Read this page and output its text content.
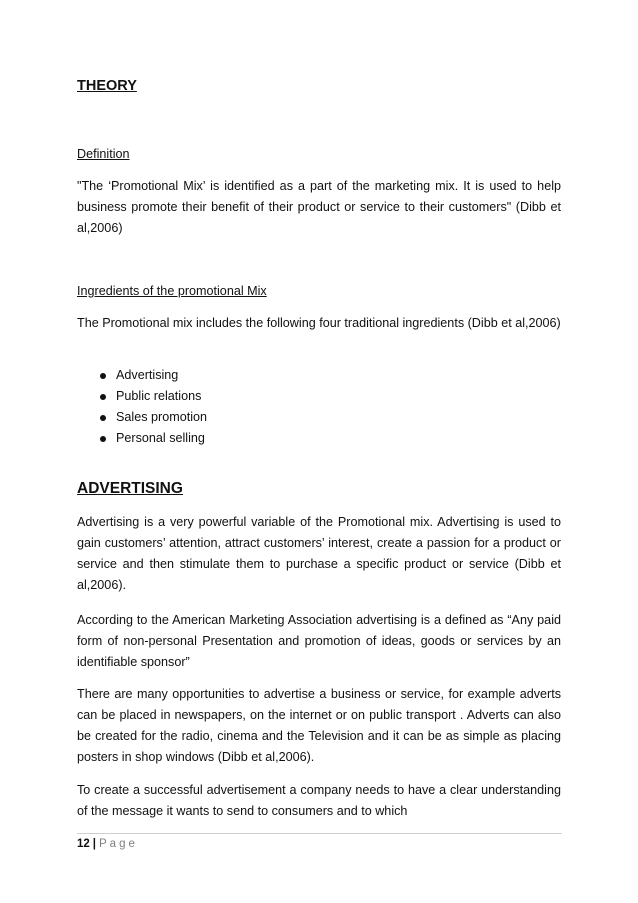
THEORY
Definition

"The ‘Promotional Mix’ is identified as a part of the marketing mix. It is used to help business promote their benefit of their product or service to their customers" (Dibb et al,2006)

Ingredients of the promotional Mix

The Promotional mix includes the following four traditional ingredients (Dibb et al,2006)

Advertising
Public relations
Sales promotion
Personal selling
ADVERTISING

Advertising is a very powerful variable of the Promotional mix. Advertising is used to gain customers’ attention, attract customers’ interest, create a passion for a product or service and then stimulate them to purchase a specific product or service (Dibb et al,2006).

According to the American Marketing Association advertising is a defined as “Any paid form of non-personal Presentation and promotion of ideas, goods or services by an identifiable sponsor”

There are many opportunities to advertise a business or service, for example adverts can be placed in newspapers, on the internet or on public transport . Adverts can also be created for the radio, cinema and the Television and it can be as simple as placing posters in shop windows (Dibb et al,2006).

To create a successful advertisement a company needs to have a clear understanding of the message it wants to send to consumers and to which

12 | Page
